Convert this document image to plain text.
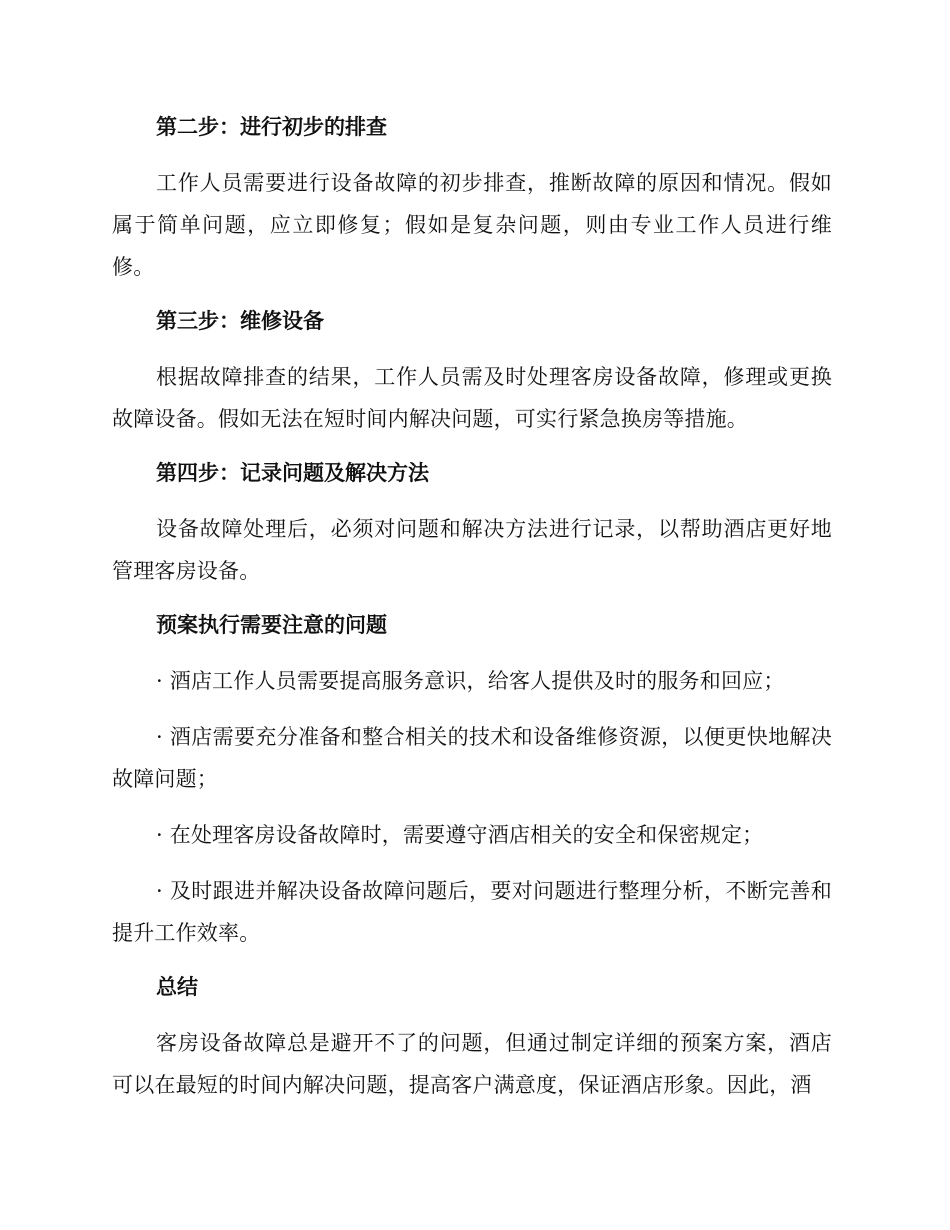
第二步：进行初步的排查

工作人员需要进行设备故障的初步排查，推断故障的原因和情况。假如属于简单问题，应立即修复；假如是复杂问题，则由专业工作人员进行维修。

第三步：维修设备

根据故障排查的结果，工作人员需及时处理客房设备故障，修理或更换故障设备。假如无法在短时间内解决问题，可实行紧急换房等措施。

第四步：记录问题及解决方法

设备故障处理后，必须对问题和解决方法进行记录，以帮助酒店更好地管理客房设备。

预案执行需要注意的问题

· 酒店工作人员需要提高服务意识，给客人提供及时的服务和回应；

· 酒店需要充分准备和整合相关的技术和设备维修资源，以便更快地解决故障问题；

· 在处理客房设备故障时，需要遵守酒店相关的安全和保密规定；

· 及时跟进并解决设备故障问题后，要对问题进行整理分析，不断完善和提升工作效率。

总结

客房设备故障总是避开不了的问题，但通过制定详细的预案方案，酒店可以在最短的时间内解决问题，提高客户满意度，保证酒店形象。因此，酒
